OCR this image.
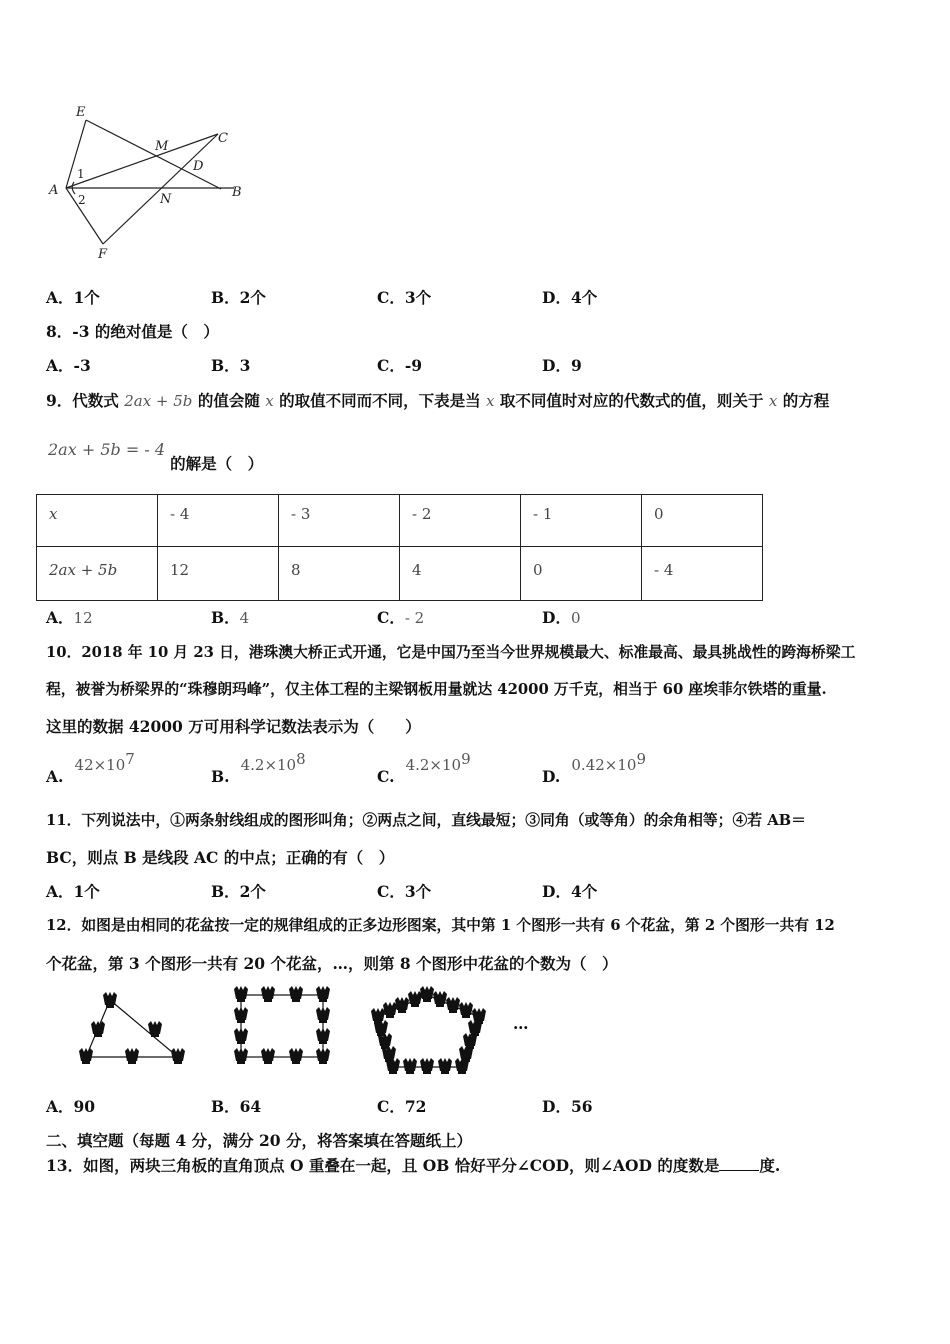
E
M
C
D
A
1
2	N	B
F
A．1个	B．2个	C．3个	D．4个
8．-3 的绝对值是（　）
A．-3	B．3	C．-9	D．9
9．代数式 2ax + 5b 的值会随 x 的取值不同而不同，下表是当 x 取不同值时对应的代数式的值，则关于 x 的方程
2ax + 5b = - 4 的解是（　）
x	- 4	- 3	- 2	- 1	0
2ax + 5b	12	8	4	0	- 4
A．12	B．4	C．- 2	D．0
10．2018 年 10 月 23 日，港珠澳大桥正式开通，它是中国乃至当今世界规模最大、标准最高、最具挑战性的跨海桥梁工
程，被誉为桥梁界的“珠穆朗玛峰”，仅主体工程的主梁钢板用量就达 42000 万千克，相当于 60 座埃菲尔铁塔的重量.
这里的数据 42000 万可用科学记数法表示为（　　）
A. $42\times 10^7$
B. $4.2\times 10^8$
C. $4.2\times 10^9$
D. $0.42\times 10^9$
11．下列说法中，①两条射线组成的图形叫角；②两点之间，直线最短；③同角（或等角）的余角相等；④若 AB＝
BC，则点 B 是线段 AC 的中点；正确的有（　）
A．1个	B．2个	C．3个	D．4个
12．如图是由相同的花盆按一定的规律组成的正多边形图案，其中第 1 个图形一共有 6 个花盆，第 2 个图形一共有 12
个花盆，第 3 个图形一共有 20 个花盆，…，则第 8 个图形中花盆的个数为（　）
…
A．90	B．64	C．72	D．56
二、填空题（每题 4 分，满分 20 分，将答案填在答题纸上）
13．如图，两块三角板的直角顶点 O 重叠在一起，且 OB 恰好平分∠COD，则∠AOD 的度数是	度.
